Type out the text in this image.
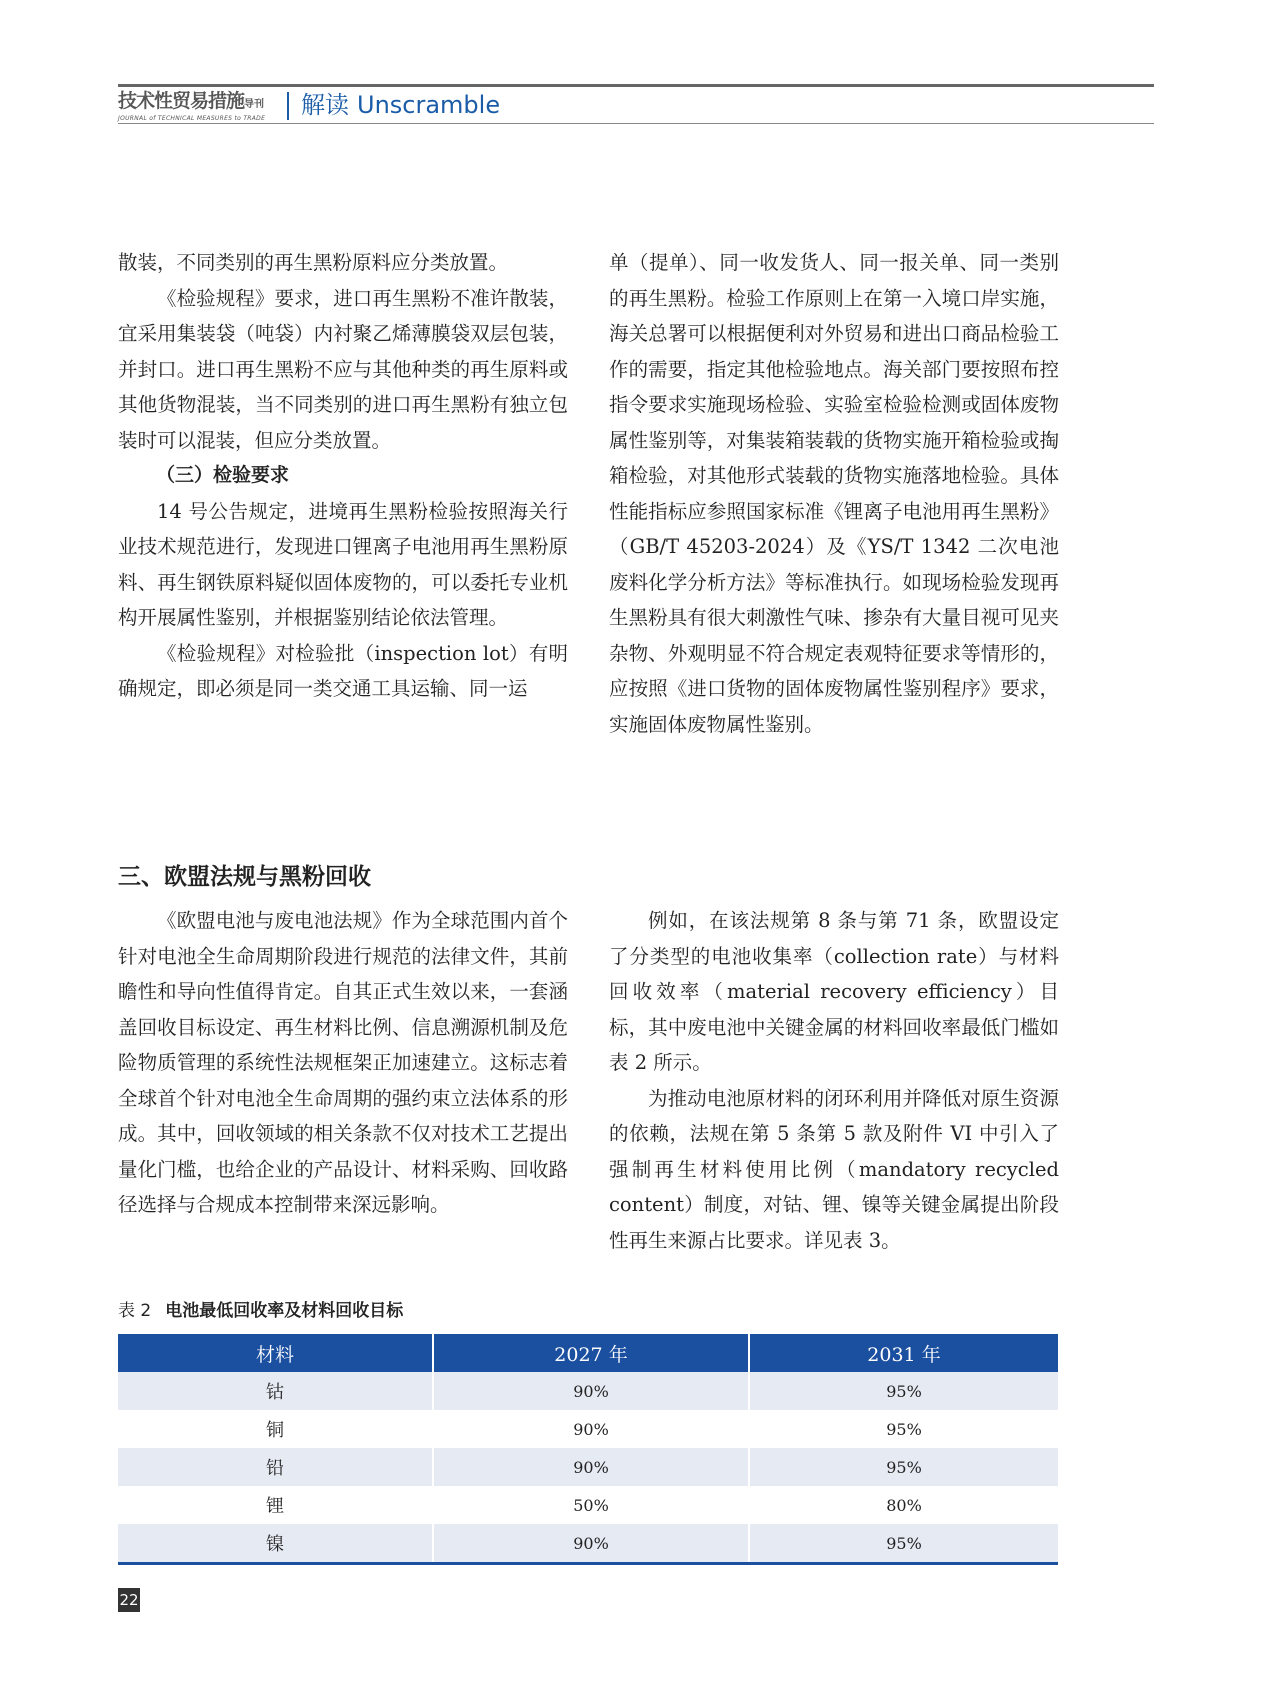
技术性贸易措施导刊
JOURNAL of TECHNICAL MEASURES to TRADE	解读 Unscramble

散装，不同类别的再生黑粉原料应分类放置。

《检验规程》要求，进口再生黑粉不准许散装，宜采用集装袋（吨袋）内衬聚乙烯薄膜袋双层包装，并封口。进口再生黑粉不应与其他种类的再生原料或其他货物混装，当不同类别的进口再生黑粉有独立包装时可以混装，但应分类放置。

（三）检验要求

14 号公告规定，进境再生黑粉检验按照海关行业技术规范进行，发现进口锂离子电池用再生黑粉原料、再生钢铁原料疑似固体废物的，可以委托专业机构开展属性鉴别，并根据鉴别结论依法管理。

《检验规程》对检验批（inspection lot）有明确规定，即必须是同一类交通工具运输、同一运

单（提单）、同一收发货人、同一报关单、同一类别的再生黑粉。检验工作原则上在第一入境口岸实施，海关总署可以根据便利对外贸易和进出口商品检验工作的需要，指定其他检验地点。海关部门要按照布控指令要求实施现场检验、实验室检验检测或固体废物属性鉴别等，对集装箱装载的货物实施开箱检验或掏箱检验，对其他形式装载的货物实施落地检验。具体性能指标应参照国家标准《锂离子电池用再生黑粉》（GB/T 45203-2024）及《YS/T 1342 二次电池废料化学分析方法》等标准执行。如现场检验发现再生黑粉具有很大刺激性气味、掺杂有大量目视可见夹杂物、外观明显不符合规定表观特征要求等情形的，应按照《进口货物的固体废物属性鉴别程序》要求，实施固体废物属性鉴别。

三、欧盟法规与黑粉回收

《欧盟电池与废电池法规》作为全球范围内首个针对电池全生命周期阶段进行规范的法律文件，其前瞻性和导向性值得肯定。自其正式生效以来，一套涵盖回收目标设定、再生材料比例、信息溯源机制及危险物质管理的系统性法规框架正加速建立。这标志着全球首个针对电池全生命周期的强约束立法体系的形成。其中，回收领域的相关条款不仅对技术工艺提出量化门槛，也给企业的产品设计、材料采购、回收路径选择与合规成本控制带来深远影响。

例如，在该法规第 8 条与第 71 条，欧盟设定了分类型的电池收集率（collection rate）与材料回收效率（material recovery efficiency）目标，其中废电池中关键金属的材料回收率最低门槛如表 2 所示。

为推动电池原材料的闭环利用并降低对原生资源的依赖，法规在第 5 条第 5 款及附件 VI 中引入了强制再生材料使用比例（mandatory recycled content）制度，对钴、锂、镍等关键金属提出阶段性再生来源占比要求。详见表 3。

表 2 电池最低回收率及材料回收目标
材料	2027 年	2031 年
钴	90%	95%
铜	90%	95%
铅	90%	95%
锂	50%	80%
镍	90%	95%
22
